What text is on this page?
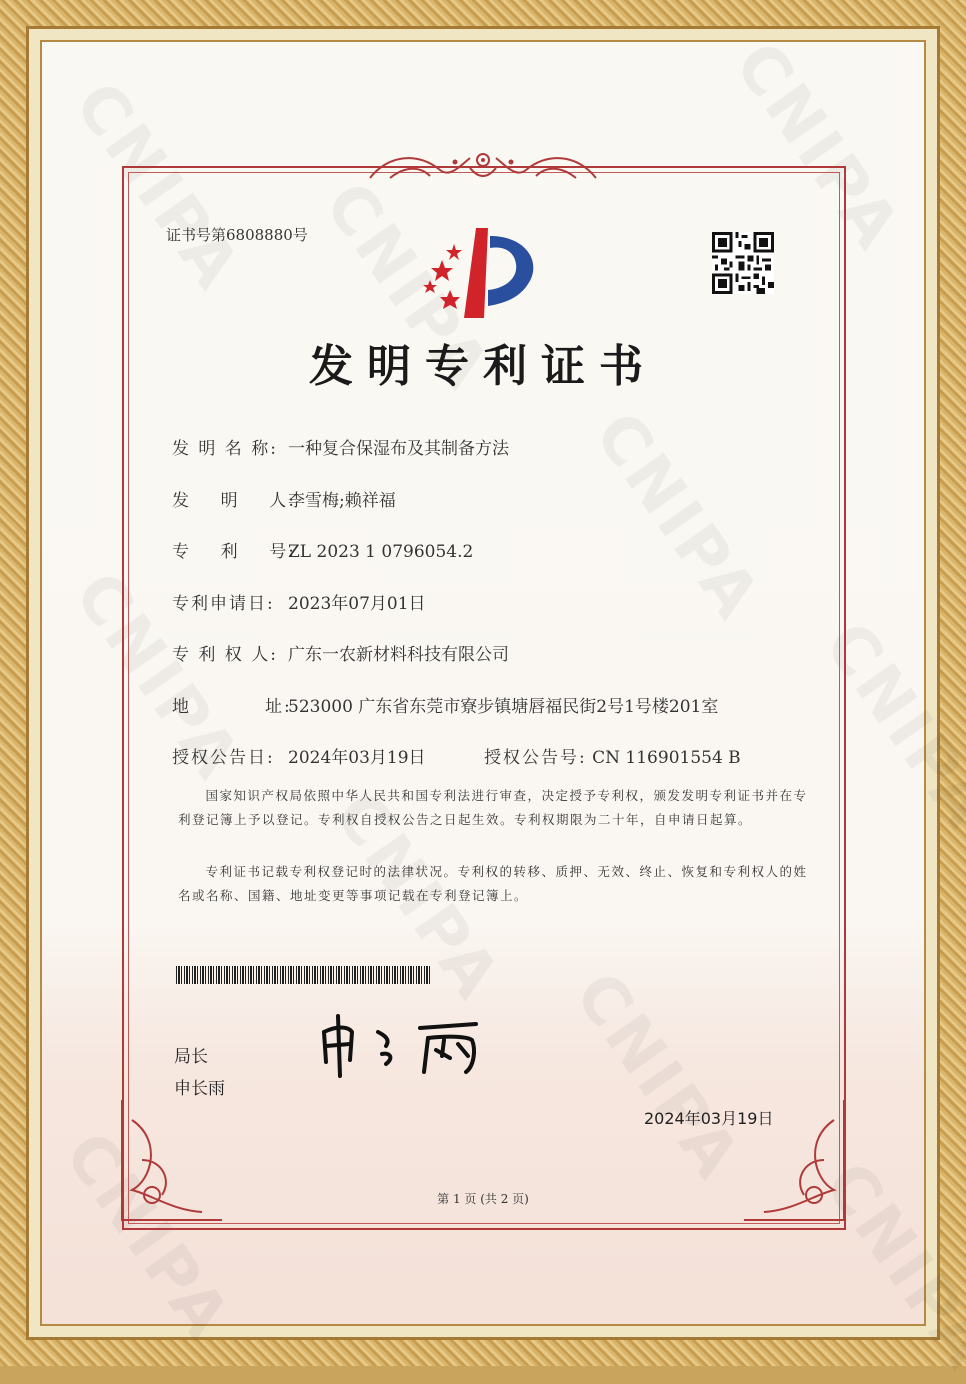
证书号第6808880号
发明专利证书
发 明 名 称: 一种复合保湿布及其制备方法
发    明    人:李雪梅;赖祥福
专    利    号:ZL 2023 1 0796054.2
专利申请日: 2023年07月01日
专 利 权 人: 广东一农新材料科技有限公司
地          址:523000 广东省东莞市寮步镇塘唇福民街2号1号楼201室
授权公告日: 2024年03月19日	授权公告号: CN 116901554 B
国家知识产权局依照中华人民共和国专利法进行审查，决定授予专利权，颁发发明专利证书并在专利登记簿上予以登记。专利权自授权公告之日起生效。专利权期限为二十年，自申请日起算。
专利证书记载专利权登记时的法律状况。专利权的转移、质押、无效、终止、恢复和专利权人的姓名或名称、国籍、地址变更等事项记载在专利登记簿上。
局长
申长雨
2024年03月19日
第 1 页 (共 2 页)
